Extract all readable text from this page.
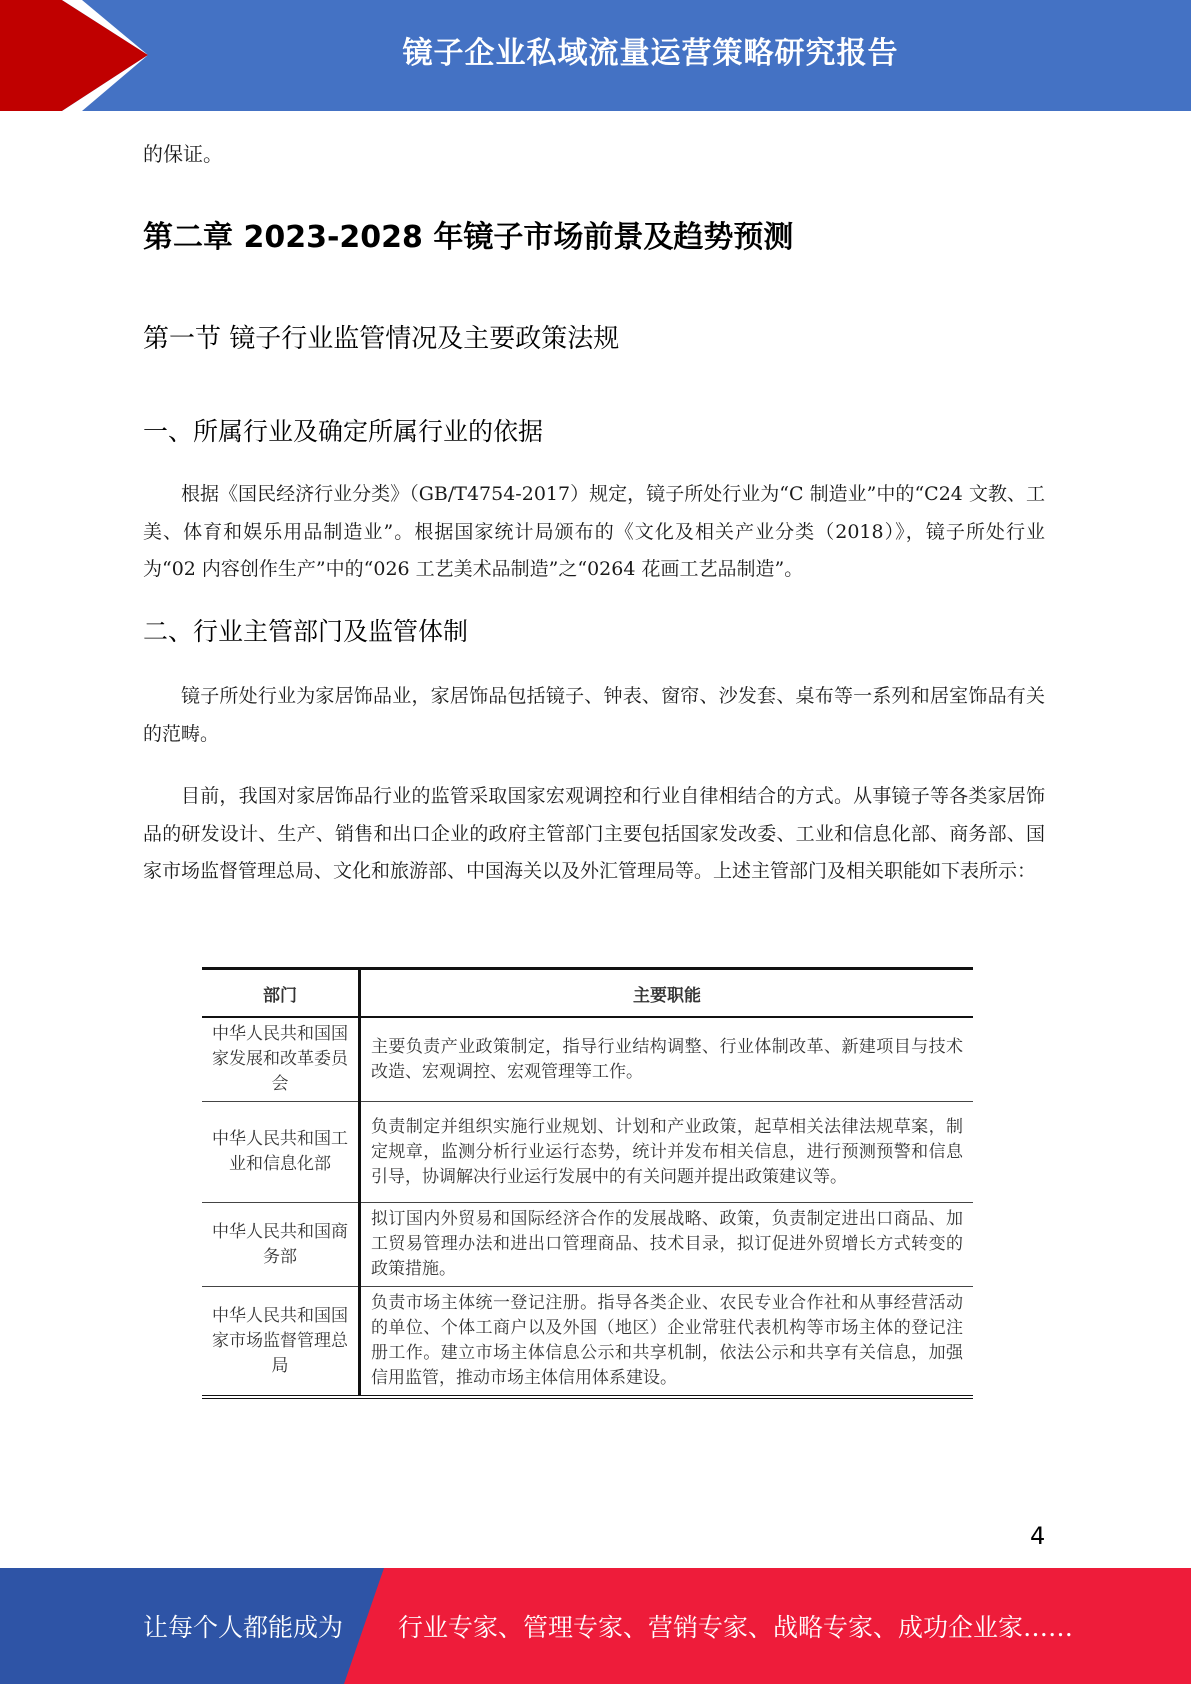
镜子企业私域流量运营策略研究报告
的保证。
第二章 2023-2028 年镜子市场前景及趋势预测
第一节 镜子行业监管情况及主要政策法规
一、所属行业及确定所属行业的依据

根据《国民经济行业分类》（GB/T4754-2017）规定，镜子所处行业为“C 制造业”中的“C24 文教、工美、体育和娱乐用品制造业”。根据国家统计局颁布的《文化及相关产业分类（2018）》，镜子所处行业为“02 内容创作生产”中的“026 工艺美术品制造”之“0264 花画工艺品制造”。

二、行业主管部门及监管体制

镜子所处行业为家居饰品业，家居饰品包括镜子、钟表、窗帘、沙发套、桌布等一系列和居室饰品有关的范畴。

目前，我国对家居饰品行业的监管采取国家宏观调控和行业自律相结合的方式。从事镜子等各类家居饰品的研发设计、生产、销售和出口企业的政府主管部门主要包括国家发改委、工业和信息化部、商务部、国家市场监督管理总局、文化和旅游部、中国海关以及外汇管理局等。上述主管部门及相关职能如下表所示：

部门	主要职能
中华人民共和国国家发展和改革委员会	主要负责产业政策制定，指导行业结构调整、行业体制改革、新建项目与技术改造、宏观调控、宏观管理等工作。
中华人民共和国工业和信息化部	负责制定并组织实施行业规划、计划和产业政策，起草相关法律法规草案，制定规章，监测分析行业运行态势，统计并发布相关信息，进行预测预警和信息引导，协调解决行业运行发展中的有关问题并提出政策建议等。
中华人民共和国商务部	拟订国内外贸易和国际经济合作的发展战略、政策，负责制定进出口商品、加工贸易管理办法和进出口管理商品、技术目录，拟订促进外贸增长方式转变的政策措施。
中华人民共和国国家市场监督管理总局	负责市场主体统一登记注册。指导各类企业、农民专业合作社和从事经营活动的单位、个体工商户以及外国（地区）企业常驻代表机构等市场主体的登记注册工作。建立市场主体信息公示和共享机制，依法公示和共享有关信息，加强信用监管，推动市场主体信用体系建设。
4
让每个人都能成为 行业专家、管理专家、营销专家、战略专家、成功企业家……
